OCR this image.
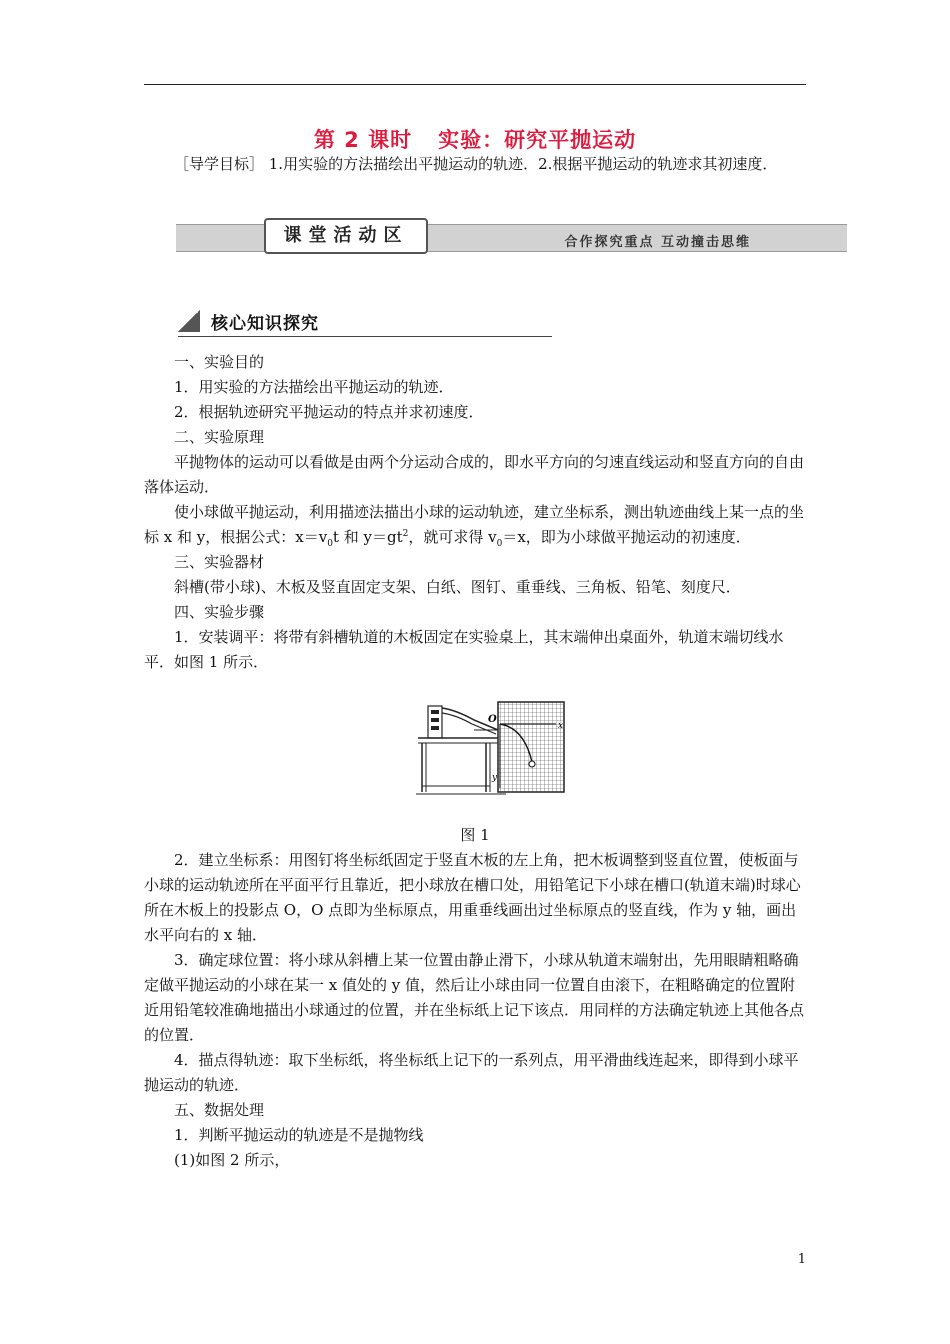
第 2 课时 实验：研究平抛运动

［导学目标］ 1.用实验的方法描绘出平抛运动的轨迹．2.根据平抛运动的轨迹求其初速度．

课堂活动区	合作探究重点 互动撞击思维
核心知识探究

一、实验目的

1．用实验的方法描绘出平抛运动的轨迹．

2．根据轨迹研究平抛运动的特点并求初速度．

二、实验原理

平抛物体的运动可以看做是由两个分运动合成的，即水平方向的匀速直线运动和竖直方向的自由落体运动．

使小球做平抛运动，利用描迹法描出小球的运动轨迹，建立坐标系，测出轨迹曲线上某一点的坐标 x 和 y，根据公式：$x=v_0t$ 和 $y=gt^2$，就可求得 $v_0=x$，即为小球做平抛运动的初速度．

三、实验器材

斜槽(带小球)、木板及竖直固定支架、白纸、图钉、重垂线、三角板、铅笔、刻度尺．

四、实验步骤

1．安装调平：将带有斜槽轨道的木板固定在实验桌上，其末端伸出桌面外，轨道末端切线水平．如图 1 所示．

O
x
y
图 1

2．建立坐标系：用图钉将坐标纸固定于竖直木板的左上角，把木板调整到竖直位置，使板面与小球的运动轨迹所在平面平行且靠近，把小球放在槽口处，用铅笔记下小球在槽口(轨道末端)时球心所在木板上的投影点 O，O 点即为坐标原点，用重垂线画出过坐标原点的竖直线，作为 y 轴，画出水平向右的 x 轴．

3．确定球位置：将小球从斜槽上某一位置由静止滑下，小球从轨道末端射出，先用眼睛粗略确定做平抛运动的小球在某一 x 值处的 y 值，然后让小球由同一位置自由滚下，在粗略确定的位置附近用铅笔较准确地描出小球通过的位置，并在坐标纸上记下该点．用同样的方法确定轨迹上其他各点的位置．

4．描点得轨迹：取下坐标纸，将坐标纸上记下的一系列点，用平滑曲线连起来，即得到小球平抛运动的轨迹．

五、数据处理

1．判断平抛运动的轨迹是不是抛物线

(1)如图 2 所示，

1
